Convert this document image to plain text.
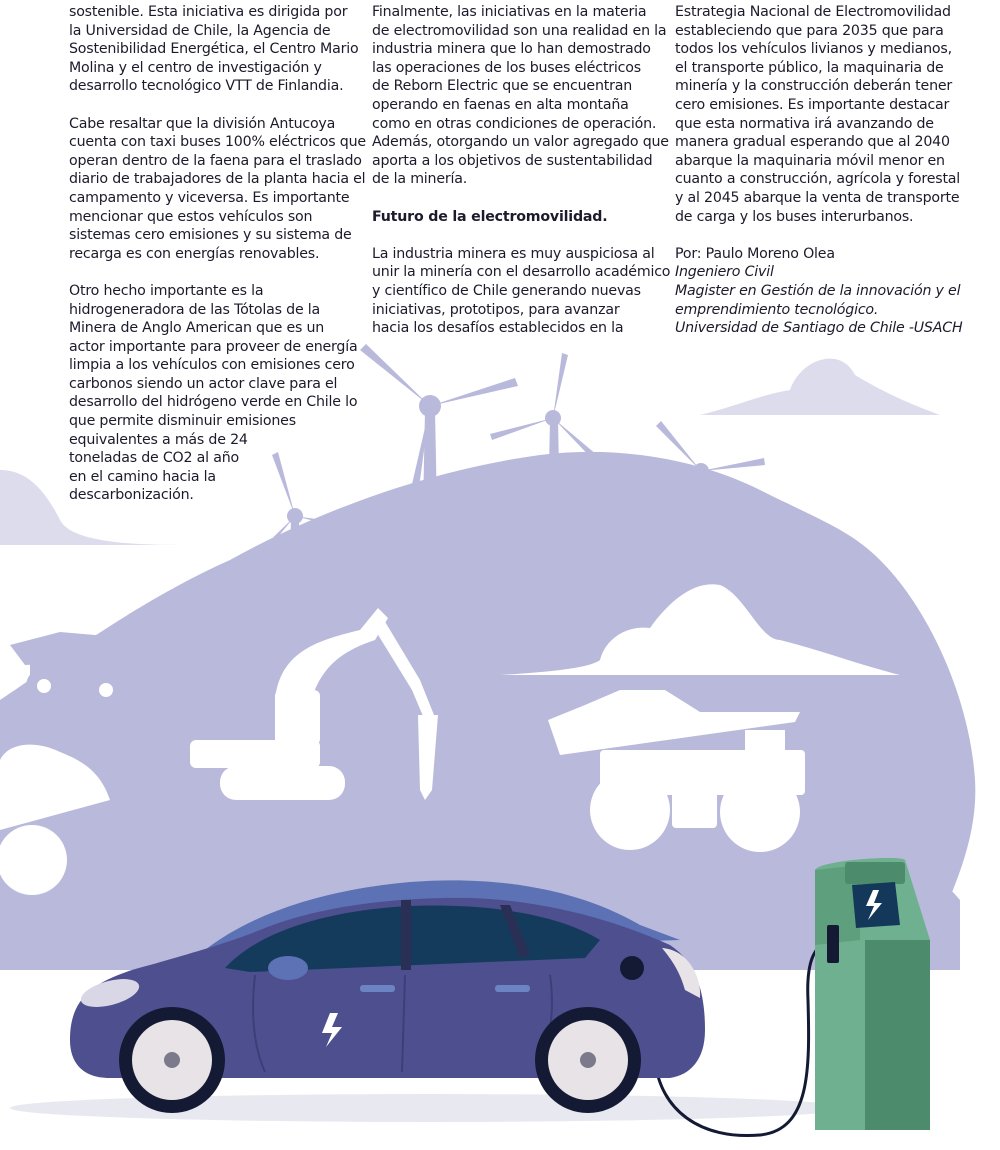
sostenible. Esta iniciativa es dirigida por
la Universidad de Chile, la Agencia de
Sostenibilidad Energética, el Centro Mario
Molina y el centro de investigación y
desarrollo tecnológico VTT de Finlandia.
Cabe resaltar que la división Antucoya
cuenta con taxi buses 100% eléctricos que
operan dentro de la faena para el traslado
diario de trabajadores de la planta hacia el
campamento y viceversa. Es importante
mencionar que estos vehículos son
sistemas cero emisiones y su sistema de
recarga es con energías renovables.
Otro hecho importante es la
hidrogeneradora de las Tótolas de la
Minera de Anglo American que es un
actor importante para proveer de energía
limpia a los vehículos con emisiones cero
carbonos siendo un actor clave para el
desarrollo del hidrógeno verde en Chile lo
que permite disminuir emisiones
equivalentes a más de 24
toneladas de CO2 al año
en el camino hacia la
descarbonización.
Finalmente, las iniciativas en la materia
de electromovilidad son una realidad en la
industria minera que lo han demostrado
las operaciones de los buses eléctricos
de Reborn Electric que se encuentran
operando en faenas en alta montaña
como en otras condiciones de operación.
Además, otorgando un valor agregado que
aporta a los objetivos de sustentabilidad
de la minería.
Futuro de la electromovilidad.
La industria minera es muy auspiciosa al
unir la minería con el desarrollo académico
y científico de Chile generando nuevas
iniciativas, prototipos, para avanzar
hacia los desafíos establecidos en la
Estrategia Nacional de Electromovilidad
estableciendo que para 2035 que para
todos los vehículos livianos y medianos,
el transporte público, la maquinaria de
minería y la construcción deberán tener
cero emisiones. Es importante destacar
que esta normativa irá avanzando de
manera gradual esperando que al 2040
abarque la maquinaria móvil menor en
cuanto a construcción, agrícola y forestal
y al 2045 abarque la venta de transporte
de carga y los buses interurbanos.
Por: Paulo Moreno Olea
Ingeniero Civil
Magister en Gestión de la innovación y el
emprendimiento tecnológico.
Universidad de Santiago de Chile -USACH
